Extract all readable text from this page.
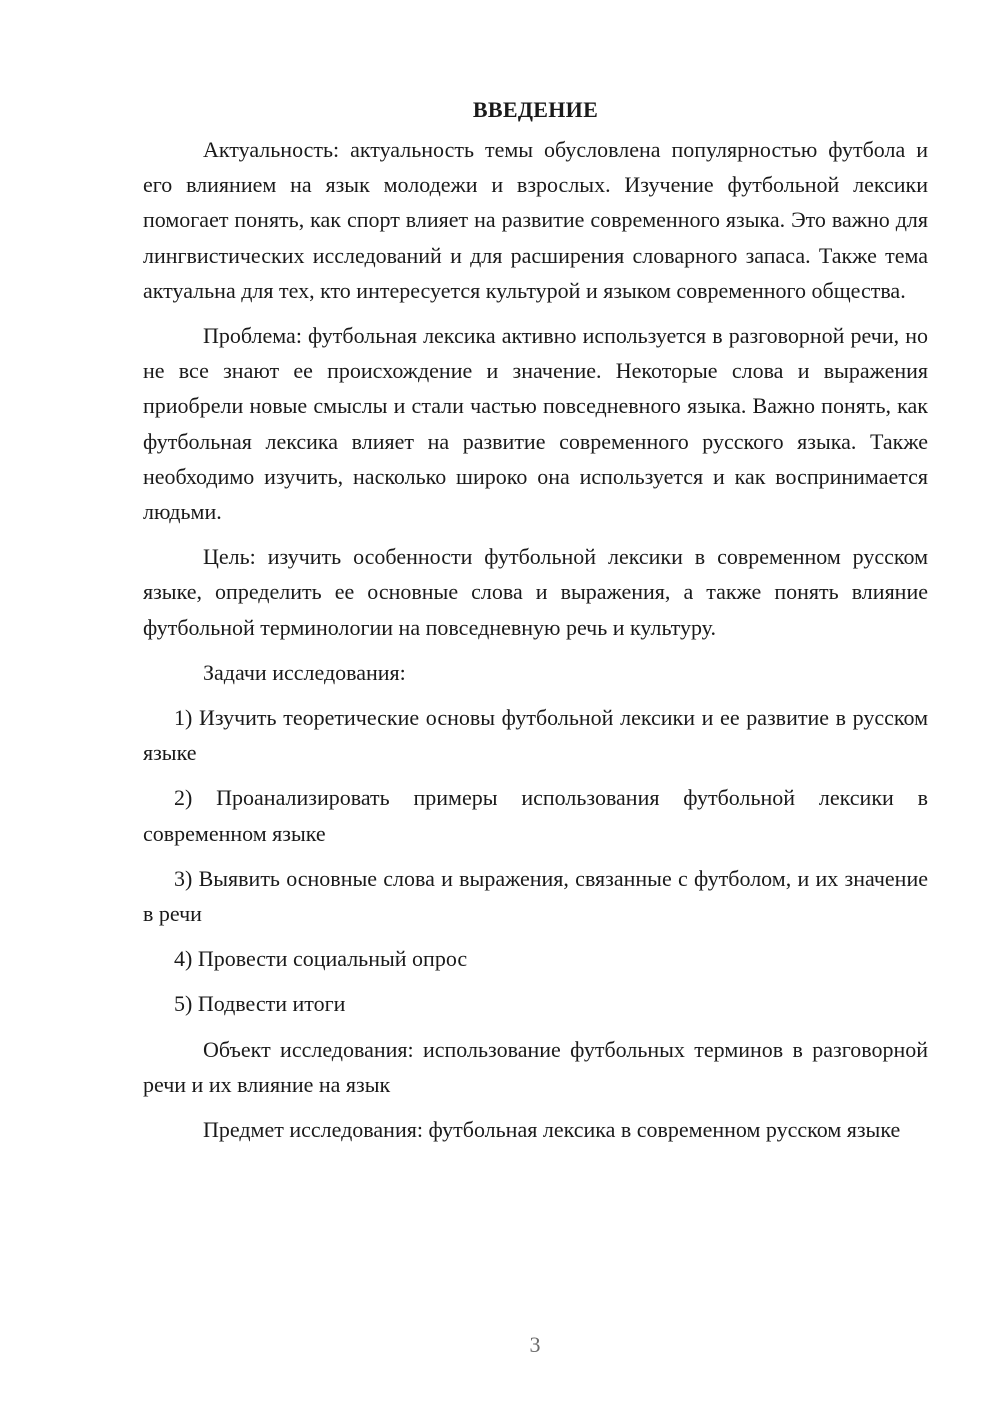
ВВЕДЕНИЕ

Актуальность: актуальность темы обусловлена популярностью футбола и его влиянием на язык молодежи и взрослых. Изучение футбольной лексики помогает понять, как спорт влияет на развитие современного языка. Это важно для лингвистических исследований и для расширения словарного запаса. Также тема актуальна для тех, кто интересуется культурой и языком современного общества.

Проблема: футбольная лексика активно используется в разговорной речи, но не все знают ее происхождение и значение. Некоторые слова и выражения приобрели новые смыслы и стали частью повседневного языка. Важно понять, как футбольная лексика влияет на развитие современного русского языка. Также необходимо изучить, насколько широко она используется и как воспринимается людьми.

Цель: изучить особенности футбольной лексики в современном русском языке, определить ее основные слова и выражения, а также понять влияние футбольной терминологии на повседневную речь и культуру.

Задачи исследования:

1) Изучить теоретические основы футбольной лексики и ее развитие в русском языке

2) Проанализировать примеры использования футбольной лексики в современном языке

3) Выявить основные слова и выражения, связанные с футболом, и их значение в речи

4) Провести социальный опрос

5) Подвести итоги

Объект исследования: использование футбольных терминов в разговорной речи и их влияние на язык

Предмет исследования: футбольная лексика в современном русском языке

3
